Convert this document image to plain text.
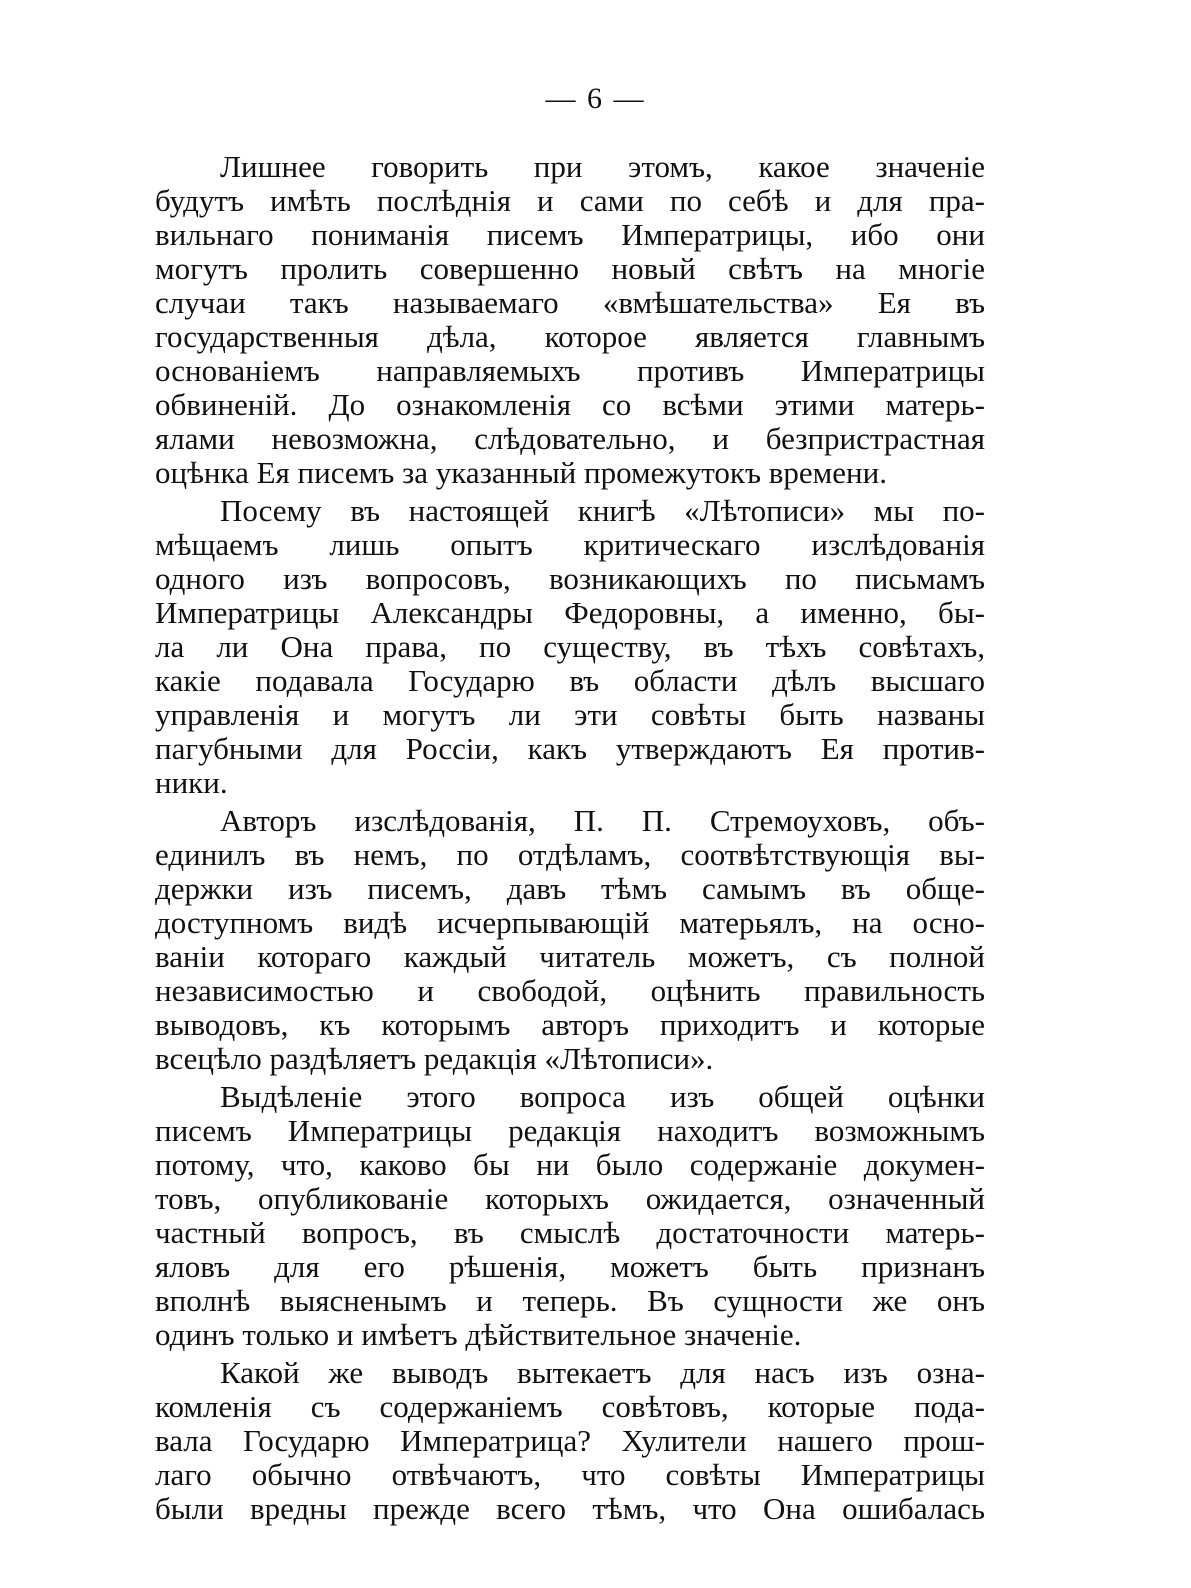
— 6 —
Лишнее говорить при этомъ, какое значенiе
будутъ имѣть послѣднія и сами по себѣ и для пра-
вильнаго пониманія писемъ Императрицы, ибо они
могутъ пролить совершенно новый свѣтъ на многiе
случаи такъ называемаго «вмѣшательства» Ея въ
государственныя дѣла, которое является главнымъ
основанiемъ направляемыхъ противъ Императрицы
обвиненiй. До ознакомленія со всѣми этими матерь-
ялами невозможна, слѣдовательно, и безпристрастная
оцѣнка Ея писемъ за указанный промежутокъ времени.
Посему въ настоящей книгѣ «Лѣтописи» мы по-
мѣщаемъ лишь опытъ критическаго изслѣдованія
одного изъ вопросовъ, возникающихъ по письмамъ
Императрицы Александры Федоровны, а именно, бы-
ла ли Она права, по существу, въ тѣхъ совѣтахъ,
какiе подавала Государю въ области дѣлъ высшаго
управленія и могутъ ли эти совѣты быть названы
пагубными для Россiи, какъ утверждаютъ Ея против-
ники.
Авторъ изслѣдованія, П. П. Стремоуховъ, объ-
единилъ въ немъ, по отдѣламъ, соотвѣтствующія вы-
держки изъ писемъ, давъ тѣмъ самымъ въ обще-
доступномъ видѣ исчерпывающiй матерьялъ, на осно-
ванiи котораго каждый читатель можетъ, съ полной
независимостью и свободой, оцѣнить правильность
выводовъ, къ которымъ авторъ приходитъ и которые
всецѣло раздѣляетъ редакція «Лѣтописи».
Выдѣленiе этого вопроса изъ общей оцѣнки
писемъ Императрицы редакція находитъ возможнымъ
потому, что, каково бы ни было содержанiе докумен-
товъ, опубликованiе которыхъ ожидается, означенный
частный вопросъ, въ смыслѣ достаточности матерь-
яловъ для его рѣшенія, можетъ быть признанъ
вполнѣ выясненымъ и теперь. Въ сущности же онъ
одинъ только и имѣетъ дѣйствительное значенiе.
Какой же выводъ вытекаетъ для насъ изъ озна-
комленія съ содержанiемъ совѣтовъ, которые пода-
вала Государю Императрица? Хулители нашего прош-
лаго обычно отвѣчаютъ, что совѣты Императрицы
были вредны прежде всего тѣмъ, что Она ошибалась
